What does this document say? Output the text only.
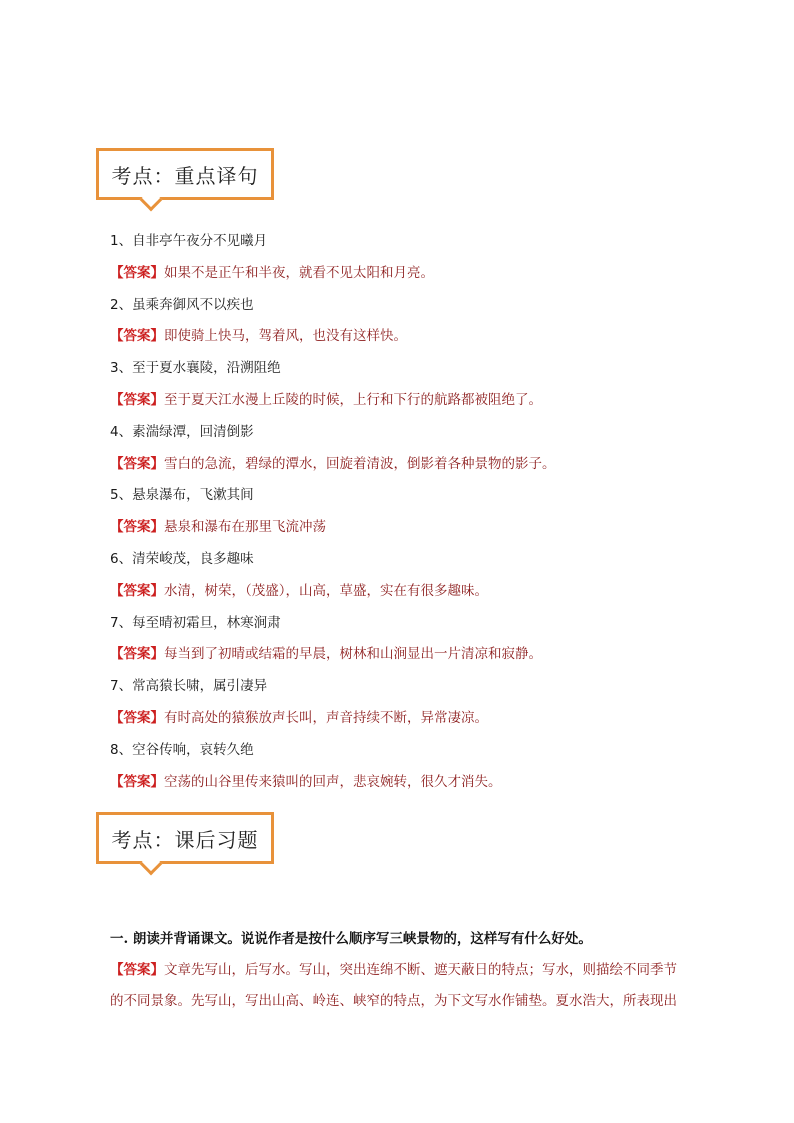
考点：重点译句
1、自非亭午夜分不见曦月
【答案】如果不是正午和半夜，就看不见太阳和月亮。
2、虽乘奔御风不以疾也
【答案】即使骑上快马，驾着风，也没有这样快。
3、至于夏水襄陵，沿溯阻绝
【答案】至于夏天江水漫上丘陵的时候，上行和下行的航路都被阻绝了。
4、素湍绿潭，回清倒影
【答案】雪白的急流，碧绿的潭水，回旋着清波，倒影着各种景物的影子。
5、悬泉瀑布，飞漱其间
【答案】悬泉和瀑布在那里飞流冲荡
6、清荣峻茂，良多趣味
【答案】水清，树荣，（茂盛），山高，草盛，实在有很多趣味。
7、每至晴初霜旦，林寒涧肃
【答案】每当到了初晴或结霜的早晨，树林和山涧显出一片清凉和寂静。
7、常高猿长啸，属引凄异
【答案】有时高处的猿猴放声长叫，声音持续不断，异常凄凉。
8、空谷传响，哀转久绝
【答案】空荡的山谷里传来猿叫的回声，悲哀婉转，很久才消失。
考点：课后习题
一. 朗读并背诵课文。说说作者是按什么顺序写三峡景物的，这样写有什么好处。
【答案】文章先写山，后写水。写山，突出连绵不断、遮天蔽日的特点；写水，则描绘不同季节
的不同景象。先写山，写出山高、岭连、峡窄的特点，为下文写水作铺垫。夏水浩大，所表现出
